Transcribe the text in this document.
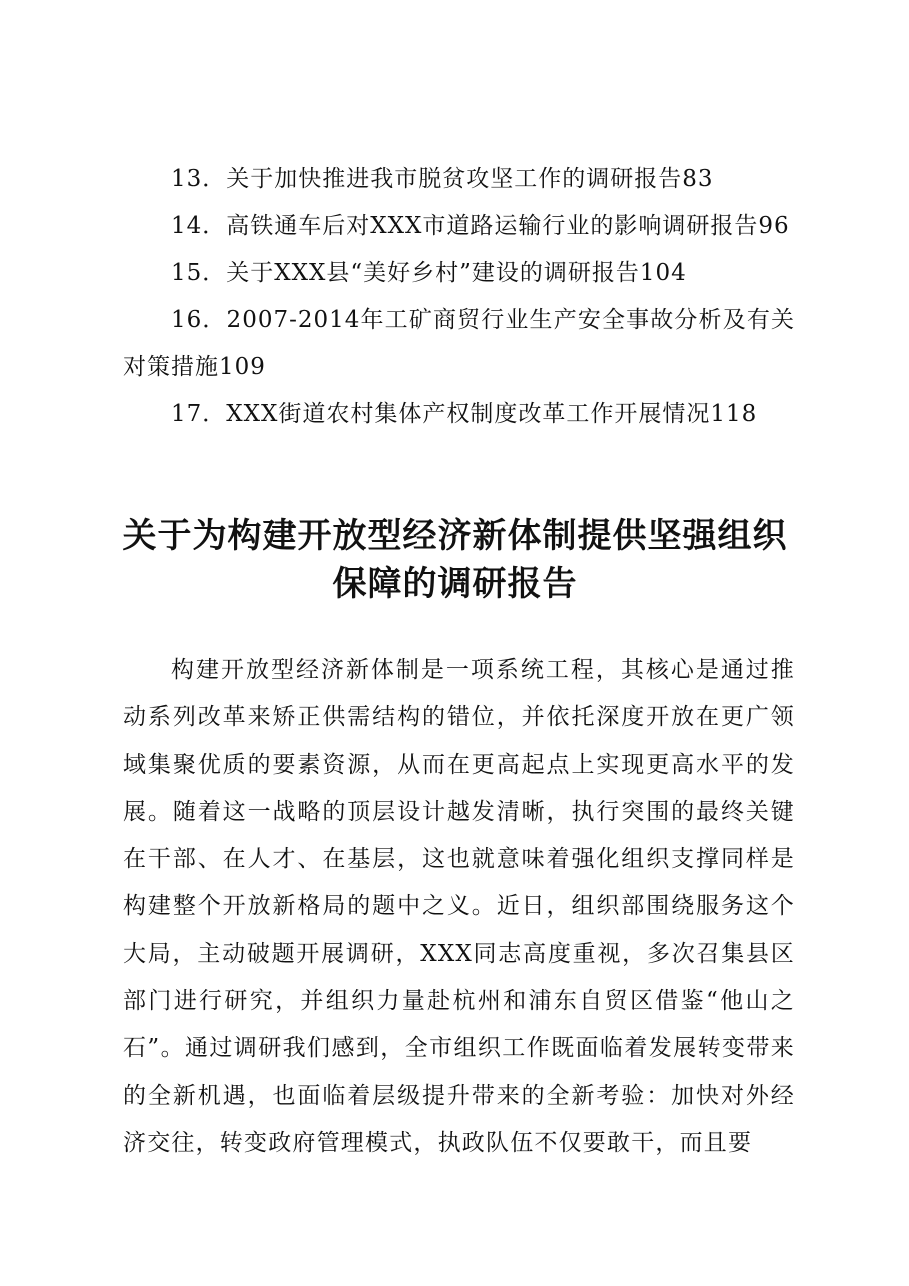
13．关于加快推进我市脱贫攻坚工作的调研报告83

14．高铁通车后对XXX市道路运输行业的影响调研报告96

15．关于XXX县“美好乡村”建设的调研报告104

16．2007-2014年工矿商贸行业生产安全事故分析及有关对策措施109

17．XXX街道农村集体产权制度改革工作开展情况118

关于为构建开放型经济新体制提供坚强组织保障的调研报告

构建开放型经济新体制是一项系统工程，其核心是通过推动系列改革来矫正供需结构的错位，并依托深度开放在更广领域集聚优质的要素资源，从而在更高起点上实现更高水平的发展。随着这一战略的顶层设计越发清晰，执行突围的最终关键在干部、在人才、在基层，这也就意味着强化组织支撑同样是构建整个开放新格局的题中之义。近日，组织部围绕服务这个大局，主动破题开展调研，XXX同志高度重视，多次召集县区部门进行研究，并组织力量赴杭州和浦东自贸区借鉴“他山之石”。通过调研我们感到，全市组织工作既面临着发展转变带来的全新机遇，也面临着层级提升带来的全新考验：加快对外经济交往，转变政府管理模式，执政队伍不仅要敢干，而且要
